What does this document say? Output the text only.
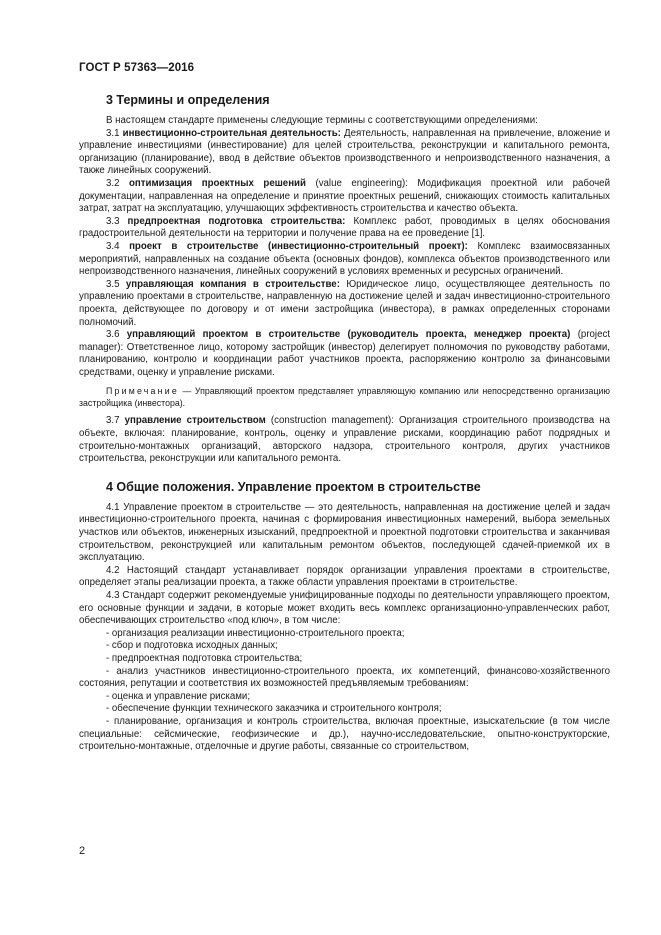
ГОСТ Р 57363—2016
3 Термины и определения

В настоящем стандарте применены следующие термины с соответствующими определениями:

3.1 инвестиционно-строительная деятельность: Деятельность, направленная на привлечение, вложение и управление инвестициями (инвестирование) для целей строительства, реконструкции и капитального ремонта, организацию (планирование), ввод в действие объектов производственного и непроизводственного назначения, а также линейных сооружений.

3.2 оптимизация проектных решений (value engineering): Модификация проектной или рабочей документации, направленная на определение и принятие проектных решений, снижающих стоимость капитальных затрат, затрат на эксплуатацию, улучшающих эффективность строительства и качество объекта.

3.3 предпроектная подготовка строительства: Комплекс работ, проводимых в целях обоснования градостроительной деятельности на территории и получение права на ее проведение [1].

3.4 проект в строительстве (инвестиционно-строительный проект): Комплекс взаимосвязанных мероприятий, направленных на создание объекта (основных фондов), комплекса объектов производственного или непроизводственного назначения, линейных сооружений в условиях временных и ресурсных ограничений.

3.5 управляющая компания в строительстве: Юридическое лицо, осуществляющее деятельность по управлению проектами в строительстве, направленную на достижение целей и задач инвестиционно-строительного проекта, действующее по договору и от имени застройщика (инвестора), в рамках определенных сторонами полномочий.

3.6 управляющий проектом в строительстве (руководитель проекта, менеджер проекта) (project manager): Ответственное лицо, которому застройщик (инвестор) делегирует полномочия по руководству работами, планированию, контролю и координации работ участников проекта, распоряжению контролю за финансовыми средствами, оценку и управление рисками.

Примечание — Управляющий проектом представляет управляющую компанию или непосредственно организацию застройщика (инвестора).

3.7 управление строительством (construction management): Организация строительного производства на объекте, включая: планирование, контроль, оценку и управление рисками, координацию работ подрядных и строительно-монтажных организаций, авторского надзора, строительного контроля, других участников строительства, реконструкции или капитального ремонта.

4 Общие положения. Управление проектом в строительстве

4.1 Управление проектом в строительстве — это деятельность, направленная на достижение целей и задач инвестиционно-строительного проекта, начиная с формирования инвестиционных намерений, выбора земельных участков или объектов, инженерных изысканий, предпроектной и проектной подготовки строительства и заканчивая строительством, реконструкцией или капитальным ремонтом объектов, последующей сдачей-приемкой их в эксплуатацию.

4.2 Настоящий стандарт устанавливает порядок организации управления проектами в строительстве, определяет этапы реализации проекта, а также области управления проектами в строительстве.

4.3 Стандарт содержит рекомендуемые унифицированные подходы по деятельности управляющего проектом, его основные функции и задачи, в которые может входить весь комплекс организационно-управленческих работ, обеспечивающих строительство «под ключ», в том числе:

- организация реализации инвестиционно-строительного проекта;

- сбор и подготовка исходных данных;

- предпроектная подготовка строительства;

- анализ участников инвестиционно-строительного проекта, их компетенций, финансово-хозяйственного состояния, репутации и соответствия их возможностей предъявляемым требованиям:

- оценка и управление рисками;

- обеспечение функции технического заказчика и строительного контроля;

- планирование, организация и контроль строительства, включая проектные, изыскательские (в том числе специальные: сейсмические, геофизические и др.), научно-исследовательские, опытно-конструкторские, строительно-монтажные, отделочные и другие работы, связанные со строительством,

2
